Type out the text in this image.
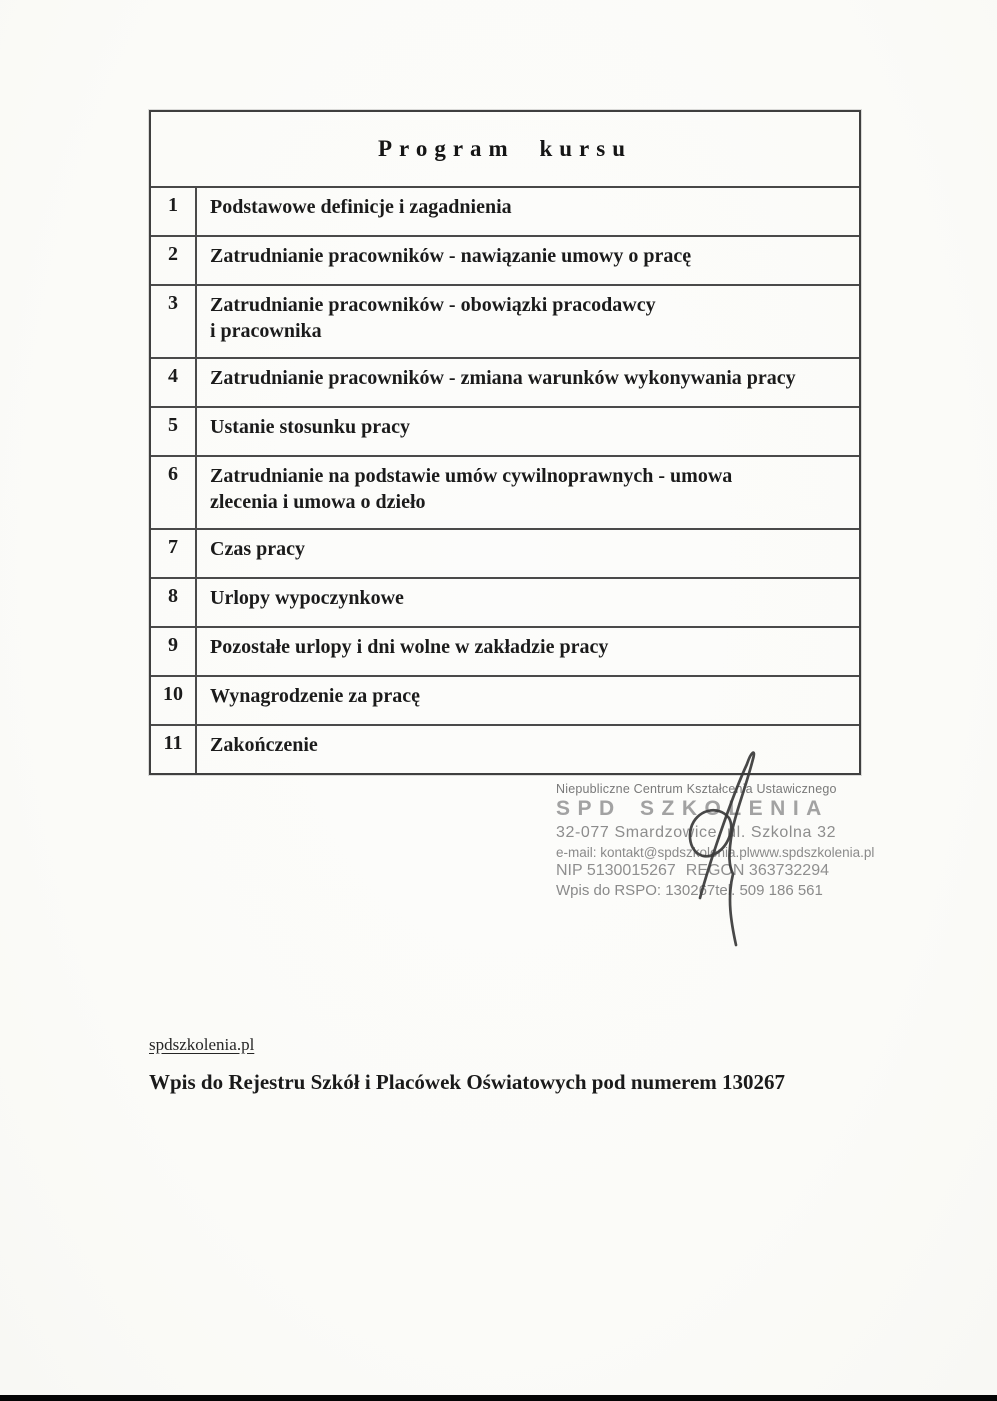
Program kursu
1	Podstawowe definicje i zagadnienia
2	Zatrudnianie pracowników - nawiązanie umowy o pracę
3	Zatrudnianie pracowników - obowiązki pracodawcy
i pracownika
4	Zatrudnianie pracowników - zmiana warunków wykonywania pracy
5	Ustanie stosunku pracy
6	Zatrudnianie na podstawie umów cywilnoprawnych - umowa
zlecenia i umowa o dzieło
7	Czas pracy
8	Urlopy wypoczynkowe
9	Pozostałe urlopy i dni wolne w zakładzie pracy
10	Wynagrodzenie za pracę
11	Zakończenie
Niepubliczne Centrum Kształcenia Ustawicznego
SPD SZKOLENIA
32-077 Smardzowice, ul. Szkolna 32
e-mail: kontakt@spdszkolenia.pl www.spdszkolenia.pl
NIP 5130015267 REGON 363732294
Wpis do RSPO: 130267 tel. 509 186 561
spdszkolenia.pl
Wpis do Rejestru Szkół i Placówek Oświatowych pod numerem 130267
